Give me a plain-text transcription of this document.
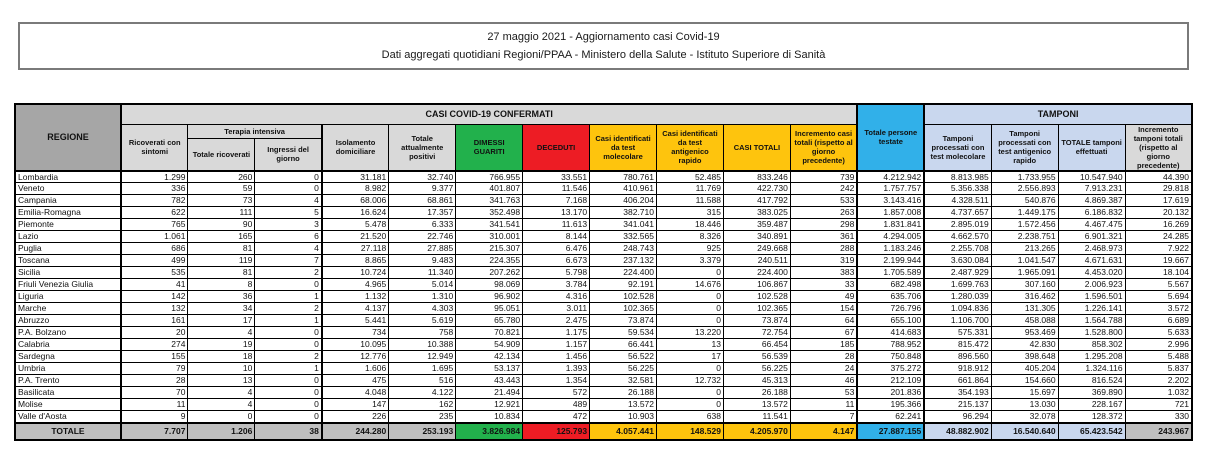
27 maggio 2021 - Aggiornamento casi Covid-19
Dati aggregati quotidiani Regioni/PPAA - Ministero della Salute - Istituto Superiore di Sanità
REGIONE	CASI COVID-19 CONFERMATI											Totale persone testate	TAMPONI			
	Ricoverati con sintomi	Terapia intensiva		Isolamento domiciliare	Totale attualmente positivi	DIMESSI GUARITI	DECEDUTI	Casi identificati da test molecolare	Casi identificati da test antigenico rapido	CASI TOTALI	Incremento casi totali (rispetto al giorno precedente)		Tamponi processati con test molecolare	Tamponi processati con test antigenico rapido	TOTALE tamponi effettuati	Incremento tamponi totali (rispetto al giorno precedente)
		Totale ricoverati	Ingressi del giorno													
Lombardia	1.299	260	0	31.181	32.740	766.955	33.551	780.761	52.485	833.246	739	4.212.942	8.813.985	1.733.955	10.547.940	44.390
Veneto	336	59	0	8.982	9.377	401.807	11.546	410.961	11.769	422.730	242	1.757.757	5.356.338	2.556.893	7.913.231	29.818
Campania	782	73	4	68.006	68.861	341.763	7.168	406.204	11.588	417.792	533	3.143.416	4.328.511	540.876	4.869.387	17.619
Emilia-Romagna	622	111	5	16.624	17.357	352.498	13.170	382.710	315	383.025	263	1.857.008	4.737.657	1.449.175	6.186.832	20.132
Piemonte	765	90	3	5.478	6.333	341.541	11.613	341.041	18.446	359.487	298	1.831.841	2.895.019	1.572.456	4.467.475	16.269
Lazio	1.061	165	6	21.520	22.746	310.001	8.144	332.565	8.326	340.891	361	4.294.005	4.662.570	2.238.751	6.901.321	24.285
Puglia	686	81	4	27.118	27.885	215.307	6.476	248.743	925	249.668	288	1.183.246	2.255.708	213.265	2.468.973	7.922
Toscana	499	119	7	8.865	9.483	224.355	6.673	237.132	3.379	240.511	319	2.199.944	3.630.084	1.041.547	4.671.631	19.667
Sicilia	535	81	2	10.724	11.340	207.262	5.798	224.400	0	224.400	383	1.705.589	2.487.929	1.965.091	4.453.020	18.104
Friuli Venezia Giulia	41	8	0	4.965	5.014	98.069	3.784	92.191	14.676	106.867	33	682.498	1.699.763	307.160	2.006.923	5.567
Liguria	142	36	1	1.132	1.310	96.902	4.316	102.528	0	102.528	49	635.706	1.280.039	316.462	1.596.501	5.694
Marche	132	34	2	4.137	4.303	95.051	3.011	102.365	0	102.365	154	726.796	1.094.836	131.305	1.226.141	3.572
Abruzzo	161	17	1	5.441	5.619	65.780	2.475	73.874	0	73.874	64	655.100	1.106.700	458.088	1.564.788	6.689
P.A. Bolzano	20	4	0	734	758	70.821	1.175	59.534	13.220	72.754	67	414.683	575.331	953.469	1.528.800	5.633
Calabria	274	19	0	10.095	10.388	54.909	1.157	66.441	13	66.454	185	788.952	815.472	42.830	858.302	2.996
Sardegna	155	18	2	12.776	12.949	42.134	1.456	56.522	17	56.539	28	750.848	896.560	398.648	1.295.208	5.488
Umbria	79	10	1	1.606	1.695	53.137	1.393	56.225	0	56.225	24	375.272	918.912	405.204	1.324.116	5.837
P.A. Trento	28	13	0	475	516	43.443	1.354	32.581	12.732	45.313	46	212.109	661.864	154.660	816.524	2.202
Basilicata	70	4	0	4.048	4.122	21.494	572	26.188	0	26.188	53	201.836	354.193	15.697	369.890	1.032
Molise	11	4	0	147	162	12.921	489	13.572	0	13.572	11	195.366	215.137	13.030	228.167	721
Valle d'Aosta	9	0	0	226	235	10.834	472	10.903	638	11.541	7	62.241	96.294	32.078	128.372	330
TOTALE	7.707	1.206	38	244.280	253.193	3.826.984	125.793	4.057.441	148.529	4.205.970	4.147	27.887.155	48.882.902	16.540.640	65.423.542	243.967
